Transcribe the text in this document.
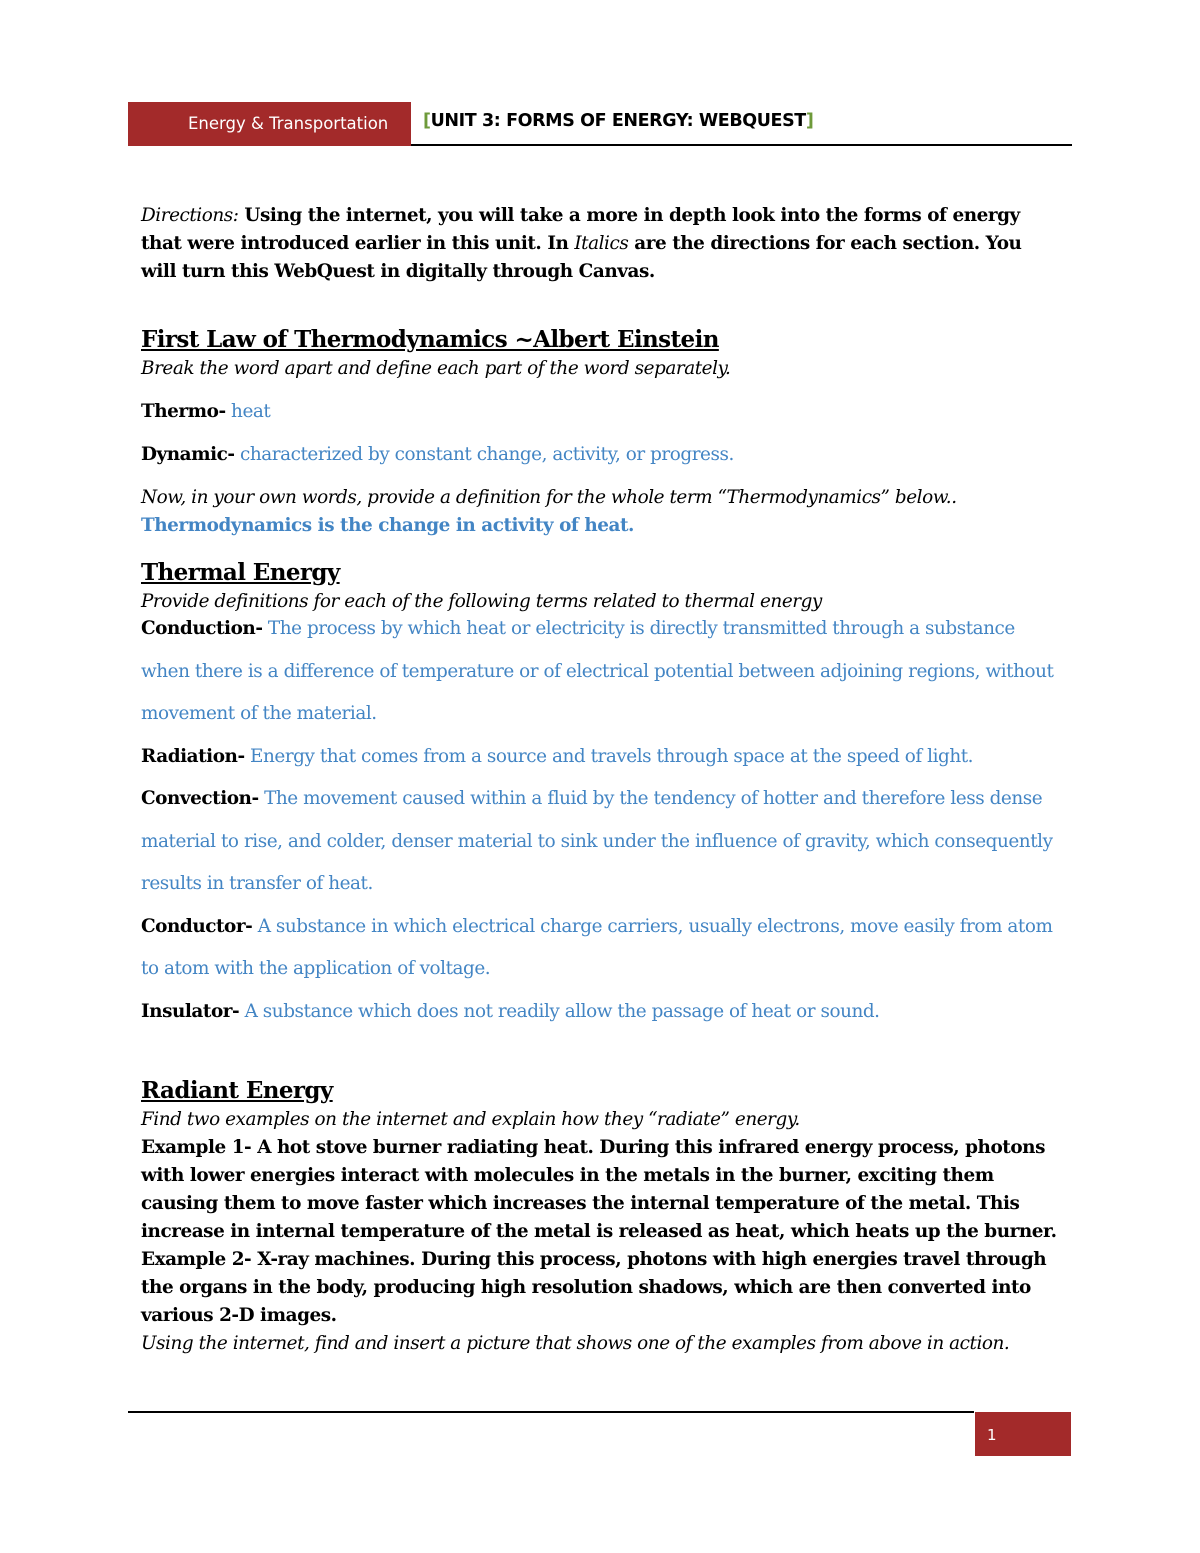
Energy & Transportation [UNIT 3: FORMS OF ENERGY: WEBQUEST]

Directions: Using the internet, you will take a more in depth look into the forms of energy that were introduced earlier in this unit. In Italics are the directions for each section. You will turn this WebQuest in digitally through Canvas.

First Law of Thermodynamics ~Albert Einstein

Break the word apart and define each part of the word separately.

Thermo- heat

Dynamic- characterized by constant change, activity, or progress.

Now, in your own words, provide a definition for the whole term “Thermodynamics” below..

Thermodynamics is the change in activity of heat.

Thermal Energy

Provide definitions for each of the following terms related to thermal energy

Conduction- The process by which heat or electricity is directly transmitted through a substance when there is a difference of temperature or of electrical potential between adjoining regions, without movement of the material.

Radiation- Energy that comes from a source and travels through space at the speed of light.

Convection- The movement caused within a fluid by the tendency of hotter and therefore less dense material to rise, and colder, denser material to sink under the influence of gravity, which consequently results in transfer of heat.

Conductor- A substance in which electrical charge carriers, usually electrons, move easily from atom to atom with the application of voltage.

Insulator- A substance which does not readily allow the passage of heat or sound.

Radiant Energy

Find two examples on the internet and explain how they “radiate” energy.

Example 1- A hot stove burner radiating heat. During this infrared energy process, photons with lower energies interact with molecules in the metals in the burner, exciting them causing them to move faster which increases the internal temperature of the metal. This increase in internal temperature of the metal is released as heat, which heats up the burner.

Example 2- X-ray machines. During this process, photons with high energies travel through the organs in the body, producing high resolution shadows, which are then converted into various 2-D images.

Using the internet, find and insert a picture that shows one of the examples from above in action.

1
